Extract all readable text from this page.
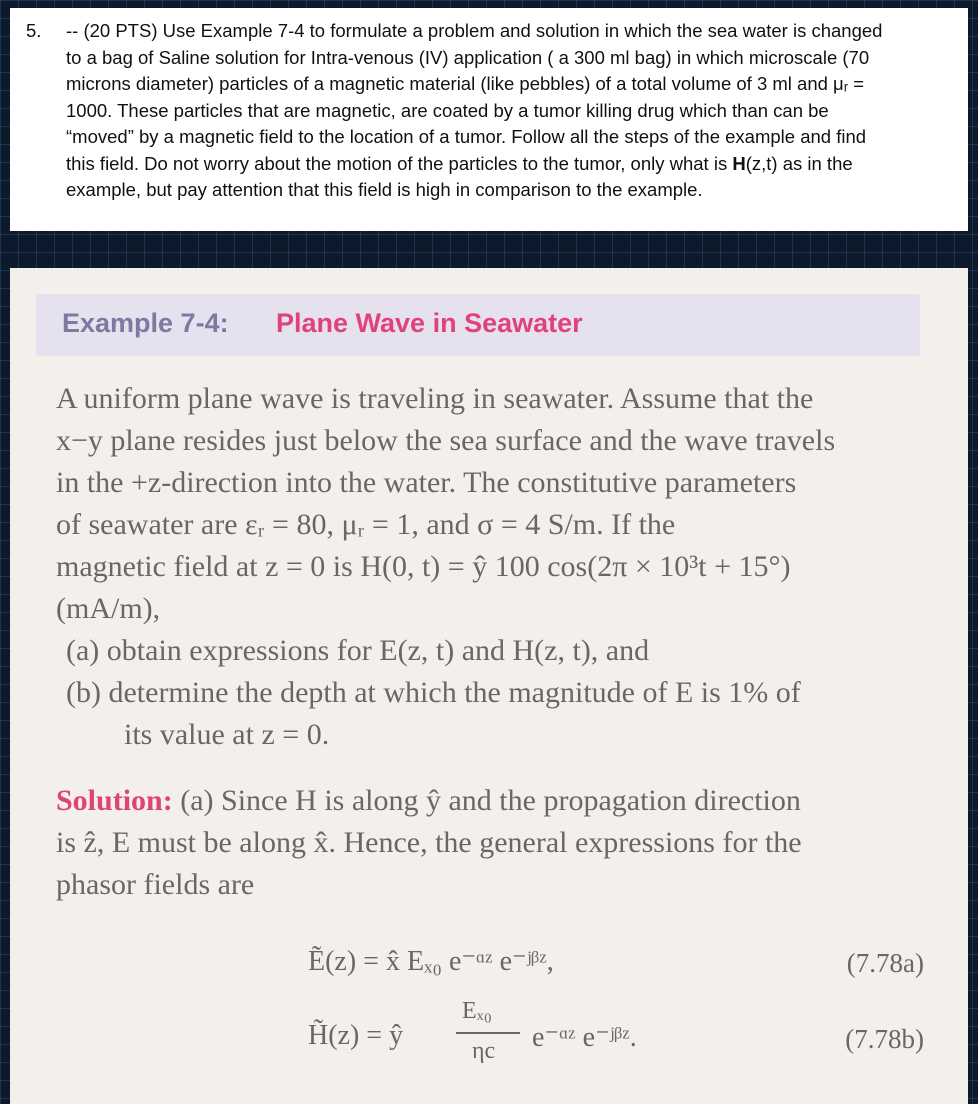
5. -- (20 PTS) Use Example 7-4 to formulate a problem and solution in which the sea water is changed
to a bag of Saline solution for Intra-venous (IV) application ( a 300 ml bag) in which microscale (70
microns diameter) particles of a magnetic material (like pebbles) of a total volume of 3 ml and μᵣ =
1000. These particles that are magnetic, are coated by a tumor killing drug which than can be
“moved” by a magnetic field to the location of a tumor. Follow all the steps of the example and find
this field. Do not worry about the motion of the particles to the tumor, only what is H(z,t) as in the
example, but pay attention that this field is high in comparison to the example.
Example 7-4: Plane Wave in Seawater
A uniform plane wave is traveling in seawater. Assume that the
x−y plane resides just below the sea surface and the wave travels
in the +z-direction into the water. The constitutive parameters
of seawater are εᵣ = 80, μᵣ = 1, and σ = 4 S/m. If the
magnetic field at z = 0 is H(0, t) = ŷ 100 cos(2π × 10³t + 15°)
(mA/m),
(a) obtain expressions for E(z, t) and H(z, t), and
(b) determine the depth at which the magnitude of E is 1% of
its value at z = 0.
Solution: (a) Since H is along ŷ and the propagation direction
is ẑ, E must be along x̂. Hence, the general expressions for the
phasor fields are
Ẽ(z) = x̂ Eₓ₀ e⁻ᵅᶻ e⁻ʲᵝᶻ,	(7.78a)
H̃(z) = ŷ
Eₓ₀
ηc e⁻ᵅᶻ e⁻ʲᵝᶻ.	(7.78b)
